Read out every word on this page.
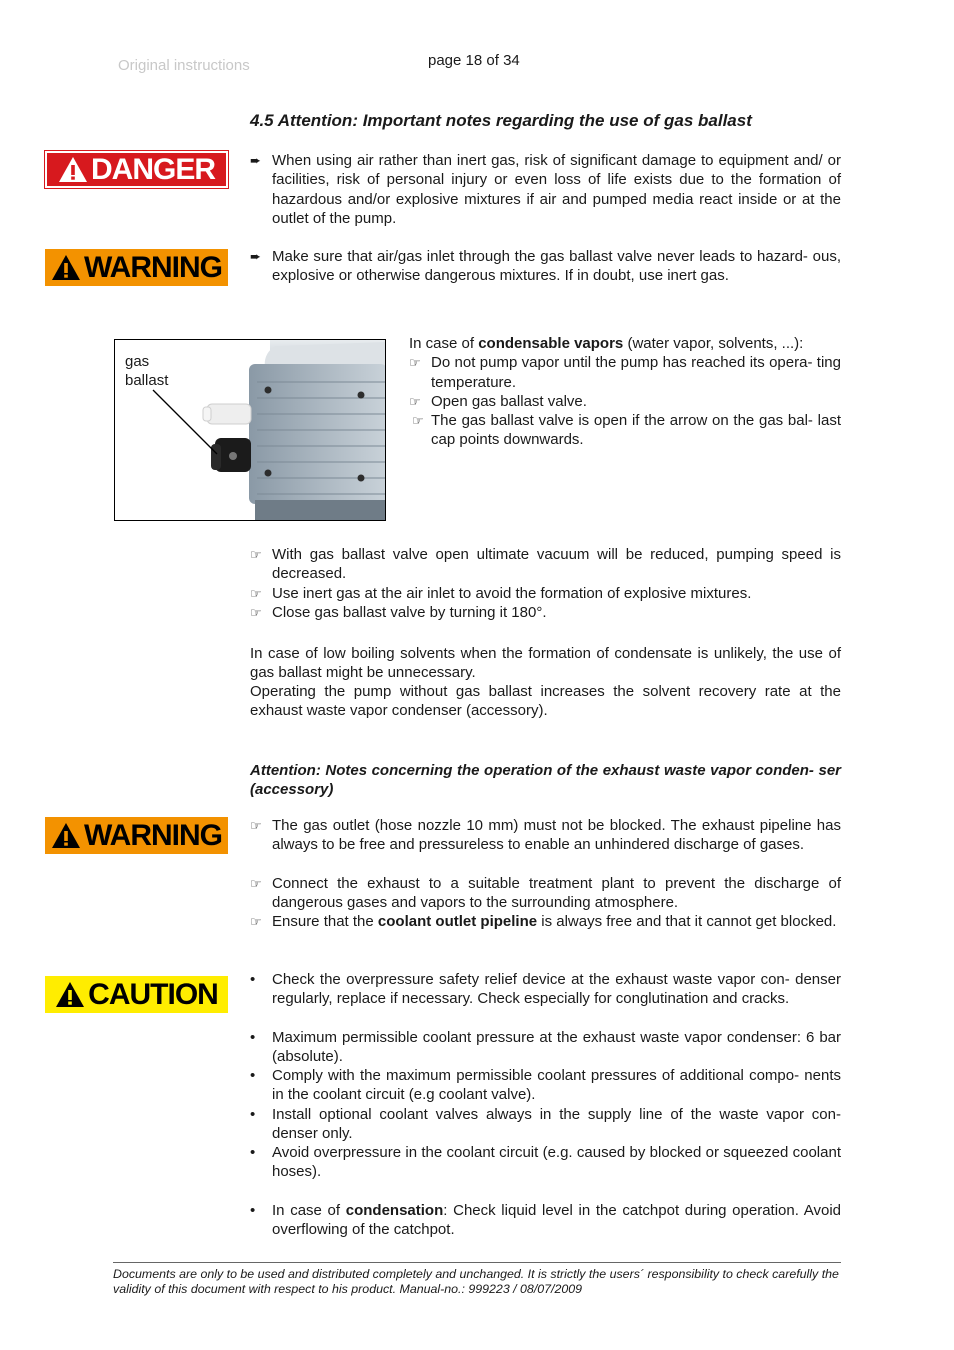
Original instructions	page 18 of 34
4.5 Attention: Important notes regarding the use of gas ballast
DANGER	➨ When using air rather than inert gas, risk of significant damage to equipment and/ or facilities, risk of personal injury or even loss of life exists due to the formation of hazardous and/or explosive mixtures if air and pumped media react inside or at the outlet of the pump.
WARNING ➨ Make sure that air/gas inlet through the gas ballast valve never leads to hazard- ous, explosive or otherwise dangerous mixtures. If in doubt, use inert gas.
gas
ballast
In case of condensable vapors (water vapor, solvents, ...):
☞ Do not pump vapor until the pump has reached its opera- ting temperature.
☞ Open gas ballast valve.
☞ The gas ballast valve is open if the arrow on the gas bal- last cap points downwards.
☞ With gas ballast valve open ultimate vacuum will be reduced, pumping speed is decreased.
☞ Use inert gas at the air inlet to avoid the formation of explosive mixtures.
☞ Close gas ballast valve by turning it 180°.
In case of low boiling solvents when the formation of condensate is unlikely, the use of gas ballast might be unnecessary.
Operating the pump without gas ballast increases the solvent recovery rate at the exhaust waste vapor condenser (accessory).
Attention: Notes concerning the operation of the exhaust waste vapor conden- ser (accessory)
WARNING ☞ The gas outlet (hose nozzle 10 mm) must not be blocked. The exhaust pipeline has always to be free and pressureless to enable an unhindered discharge of gases.
☞ Connect the exhaust to a suitable treatment plant to prevent the discharge of dangerous gases and vapors to the surrounding atmosphere.
☞ Ensure that the coolant outlet pipeline is always free and that it cannot get blocked.
CAUTION •	Check the overpressure safety relief device at the exhaust waste vapor con- denser regularly, replace if necessary. Check especially for conglutination and cracks.
•	Maximum permissible coolant pressure at the exhaust waste vapor condenser: 6 bar (absolute).
•	Comply with the maximum permissible coolant pressures of additional compo- nents in the coolant circuit (e.g coolant valve).
•	Install optional coolant valves always in the supply line of the waste vapor con- denser only.
•	Avoid overpressure in the coolant circuit (e.g. caused by blocked or squeezed coolant hoses).
•	In case of condensation: Check liquid level in the catchpot during operation. Avoid overflowing of the catchpot.
Documents are only to be used and distributed completely and unchanged. It is strictly the users´ responsibility to check carefully the validity of this document with respect to his product. Manual-no.: 999223 / 08/07/2009
